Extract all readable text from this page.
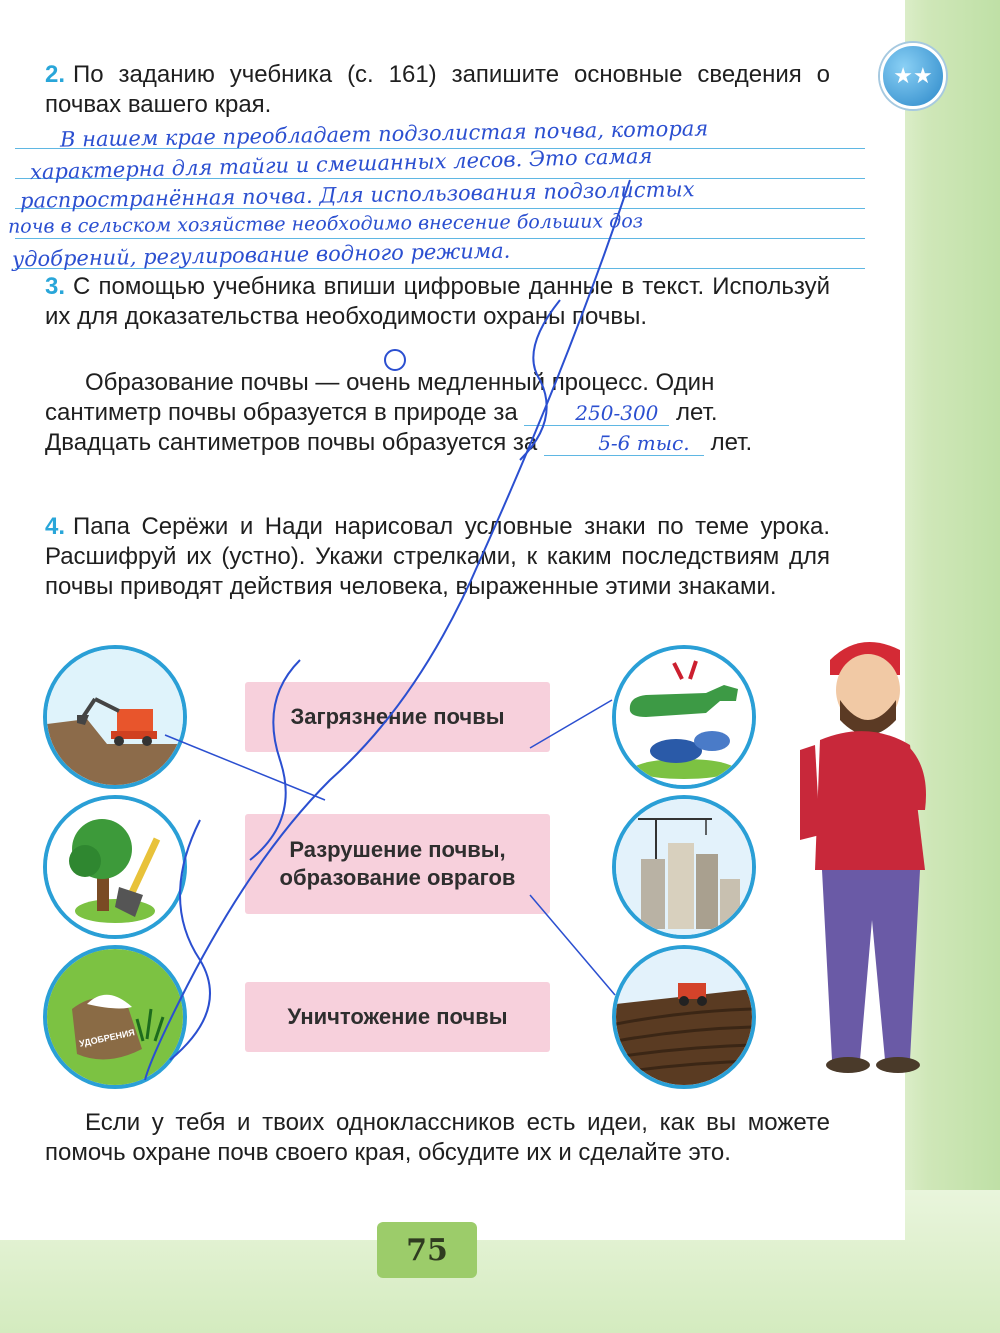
★★

2. По заданию учебника (с. 161) запишите основные сведения о почвах вашего края.

В нашем крае преобладает подзолистая почва, которая
характерна для тайги и смешанных лесов. Это самая
распространённая почва. Для использования подзолистых
почв в сельском хозяйстве необходимо внесение больших доз
удобрений, регулирование водного режима.

3. С помощью учебника впиши цифровые данные в текст. Используй их для доказательства необходимости охраны почвы.

Образование почвы — очень медленный процесс. Один сантиметр почвы образуется в природе за	250-300 лет. Двадцать сантиметров почвы образуется за	5-6 тыс. лет.

4. Папа Серёжи и Нади нарисовал условные знаки по теме урока. Расшифруй их (устно). Укажи стрелками, к каким последствиям для почвы приводят действия человека, выраженные этими знаками.

УДОБРЕНИЯ
Загрязнение почвы
Разрушение почвы, образование оврагов
Уничтожение почвы

Если у тебя и твоих одноклассников есть идеи, как вы можете помочь охране почв своего края, обсудите их и сделайте это.

75
